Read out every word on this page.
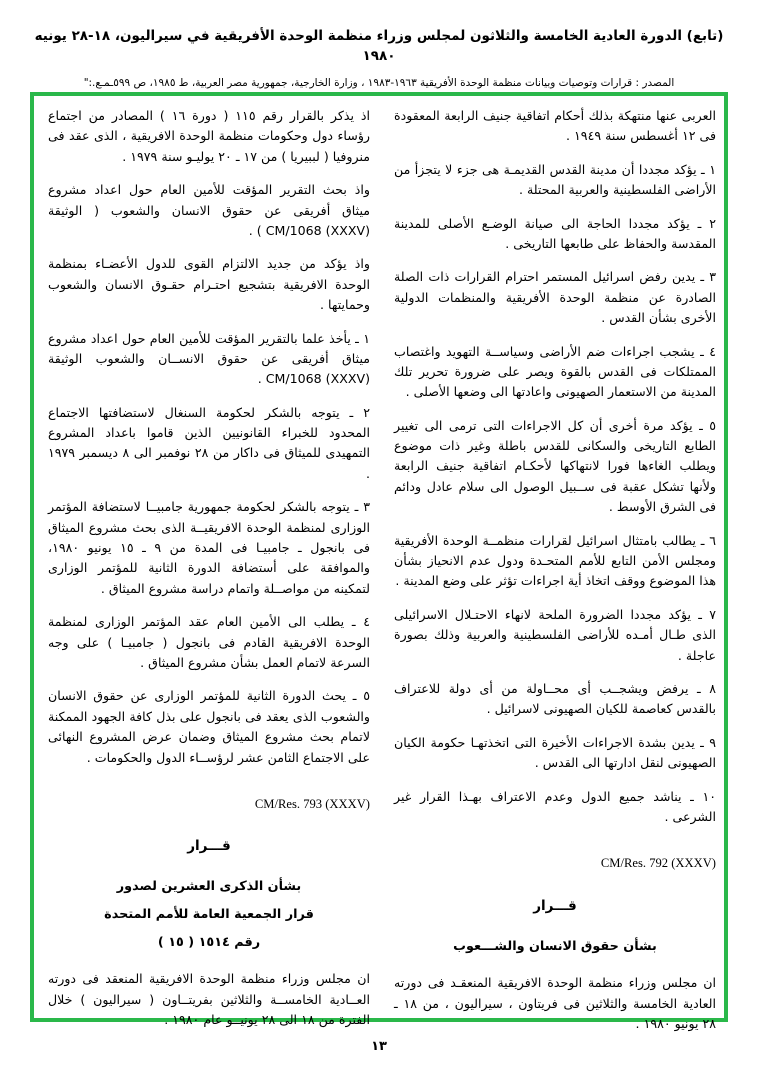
(تابع) الدورة العادية الخامسة والثلاثون لمجلس وزراء منظمة الوحدة الأفريقية في سيراليون، ١٨-٢٨ يونيه ١٩٨٠
المصدر : قرارات وتوصيات وبيانات منظمة الوحدة الأفريقية ١٩٦٣-١٩٨٣ ، وزارة الخارجية، جمهورية مصر العربية، ط ١٩٨٥، ص ٥٩٩ـمـع.:"

العربى عنها منتهكة بذلك أحكام اتفاقية جنيف الرابعة المعقودة فى ١٢ أغسطس سنة ١٩٤٩ .

١ ـ يؤكد مجددا أن مدينة القدس القديمـة هى جزء لا يتجزأ من الأراضى الفلسطينية والعربية المحتلة .

٢ ـ يؤكد مجددا الحاجة الى صيانة الوضـع الأصلى للمدينة المقدسة والحفاظ على طابعها التاريخى .

٣ ـ يدين رفض اسرائيل المستمر احترام القرارات ذات الصلة الصادرة عن منظمة الوحدة الأفريقية والمنظمات الدولية الأخرى بشأن القدس .

٤ ـ يشجب اجراءات ضم الأراضى وسياســة التهويد واغتصاب الممتلكات فى القدس بالقوة ويصر على ضرورة تحرير تلك المدينة من الاستعمار الصهيونى واعادتها الى وضعها الأصلى .

٥ ـ يؤكد مرة أخرى أن كل الاجراءات التى ترمى الى تغيير الطابع التاريخى والسكانى للقدس باطلة وغير ذات موضوع ويطلب الغاءها فورا لانتهاكها لأحكـام اتفاقية جنيف الرابعة ولأنها تشكل عقبة فى ســبيل الوصول الى سلام عادل ودائم فى الشرق الأوسط .

٦ ـ يطالب بامتثال اسرائيل لقرارات منظمــة الوحدة الأفريقية ومجلس الأمن التابع للأمم المتحـدة ودول عدم الانحياز بشأن هذا الموضوع ووقف اتخاذ أية اجراءات تؤثر على وضع المدينة .

٧ ـ يؤكد مجددا الضرورة الملحة لانهاء الاحتـلال الاسرائيلى الذى طـال أمـده للأراضى الفلسطينية والعربية وذلك بصورة عاجلة .

٨ ـ يرفض ويشجــب أى محــاولة من أى دولة للاعتراف بالقدس كعاصمة للكيان الصهيونى لاسرائيل .

٩ ـ يدين بشدة الاجراءات الأخيرة التى اتخذتهـا حكومة الكيان الصهيونى لنقل ادارتها الى القدس .

١٠ ـ يناشد جميع الدول وعدم الاعتراف بهـذا القرار غير الشرعى .

CM/Res. 792 (XXXV)
قـــرار
بشأن حقوق الانسان والشـــعوب

ان مجلس وزراء منظمة الوحدة الافريقية المنعقـد فى دورته العادية الخامسة والثلاثين فى فريتاون ، سيراليون ، من ١٨ ـ ٢٨ يونيو ١٩٨٠ .

اذ يذكر بالقرار رقم ١١٥ ( دورة ١٦ ) المصادر من اجتماع رؤساء دول وحكومات منظمة الوحدة الافريقية ، الذى عقد فى منروفيا ( لببيريا ) من ١٧ ـ ٢٠ يوليـو سنة ١٩٧٩ .

واذ بحث التقرير المؤقت للأمين العام حول اعداد مشروع ميثاق أفريقى عن حقوق الانسان والشعوب ( الوثيقة CM/1068 (XXXV) ) .

واذ يؤكد من جديد الالتزام القوى للدول الأعضـاء بمنظمة الوحدة الافريقية بتشجيع احتـرام حقـوق الانسان والشعوب وحمايتها .

١ ـ يأخذ علما بالتقرير المؤقت للأمين العام حول اعداد مشروع ميثاق أفريقى عن حقوق الانســان والشعوب الوثيقة CM/1068 (XXXV) .

٢ ـ يتوجه بالشكر لحكومة السنغال لاستضافتها الاجتماع المحدود للخبراء القانونيين الذين قاموا باعداد المشروع التمهيدى للميثاق فى داكار من ٢٨ نوفمبر الى ٨ ديسمبر ١٩٧٩ .

٣ ـ يتوجه بالشكر لحكومة جمهورية جامبيــا لاستضافة المؤتمر الوزارى لمنظمة الوحدة الافريقيــة الذى بحث مشروع الميثاق فى بانجول ـ جامبيـا فى المدة من ٩ ـ ١٥ يونيو ١٩٨٠، والموافقة على أستضافة الدورة الثانية للمؤتمر الوزارى لتمكينه من مواصــلة واتمام دراسة مشروع الميثاق .

٤ ـ يطلب الى الأمين العام عقد المؤتمر الوزارى لمنظمة الوحدة الافريقية القادم فى بانجول ( جامبيـا ) على وجه السرعة لاتمام العمل بشأن مشروع الميثاق .

٥ ـ يحث الدورة الثانية للمؤتمر الوزارى عن حقوق الانسان والشعوب الذى يعقد فى بانجول على بذل كافة الجهود الممكنة لاتمام بحث مشروع الميثاق وضمان عرض المشروع النهائى على الاجتماع الثامن عشر لرؤســاء الدول والحكومات .

CM/Res. 793 (XXXV)
قـــرار
بشأن الذكرى العشرين لصدور
قرار الجمعية العامة للأمم المتحدة
رقم ١٥١٤ ( ١٥ )

ان مجلس وزراء منظمة الوحدة الافريقية المنعقد فى دورته العــادية الخامســة والثلاثين بفريتــاون ( سيراليون ) خلال الفترة من ١٨ الى ٢٨ يونيــو عام ١٩٨٠ .

١٣
